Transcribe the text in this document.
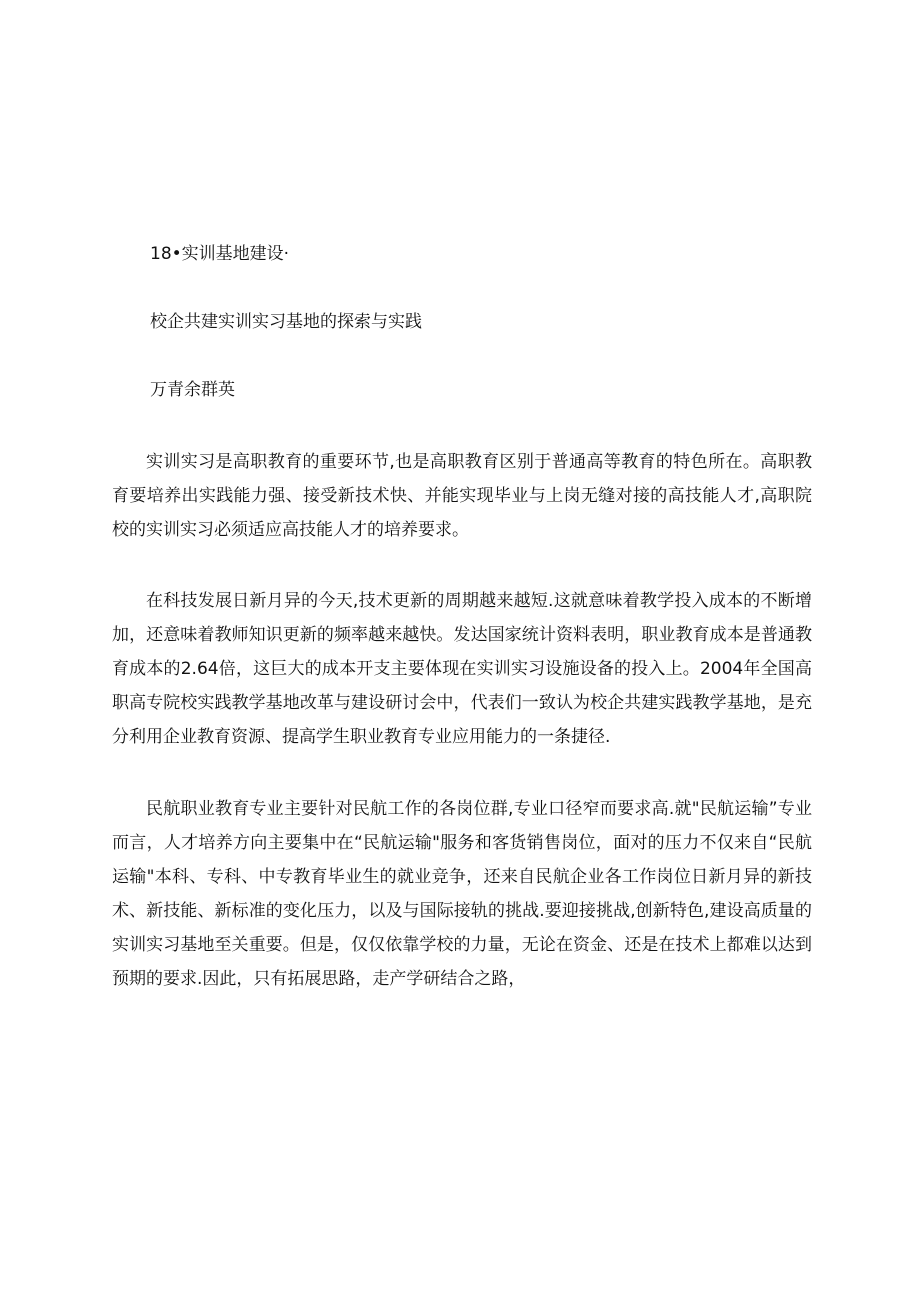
18•实训基地建设·
校企共建实训实习基地的探索与实践
万青余群英

实训实习是高职教育的重要环节,也是高职教育区别于普通高等教育的特色所在。高职教育要培养出实践能力强、接受新技术快、并能实现毕业与上岗无缝对接的高技能人才,高职院校的实训实习必须适应高技能人才的培养要求。

在科技发展日新月异的今天,技术更新的周期越来越短.这就意味着教学投入成本的不断增加，还意味着教师知识更新的频率越来越快。发达国家统计资料表明，职业教育成本是普通教育成本的2.64倍，这巨大的成本开支主要体现在实训实习设施设备的投入上。2004年全国高职高专院校实践教学基地改革与建设研讨会中，代表们一致认为校企共建实践教学基地，是充分利用企业教育资源、提高学生职业教育专业应用能力的一条捷径.

民航职业教育专业主要针对民航工作的各岗位群,专业口径窄而要求高.就"民航运输”专业而言，人才培养方向主要集中在“民航运输"服务和客货销售岗位，面对的压力不仅来自“民航运输"本科、专科、中专教育毕业生的就业竞争，还来自民航企业各工作岗位日新月异的新技术、新技能、新标准的变化压力，以及与国际接轨的挑战.要迎接挑战,创新特色,建设高质量的实训实习基地至关重要。但是，仅仅依靠学校的力量，无论在资金、还是在技术上都难以达到预期的要求.因此，只有拓展思路，走产学研结合之路，
